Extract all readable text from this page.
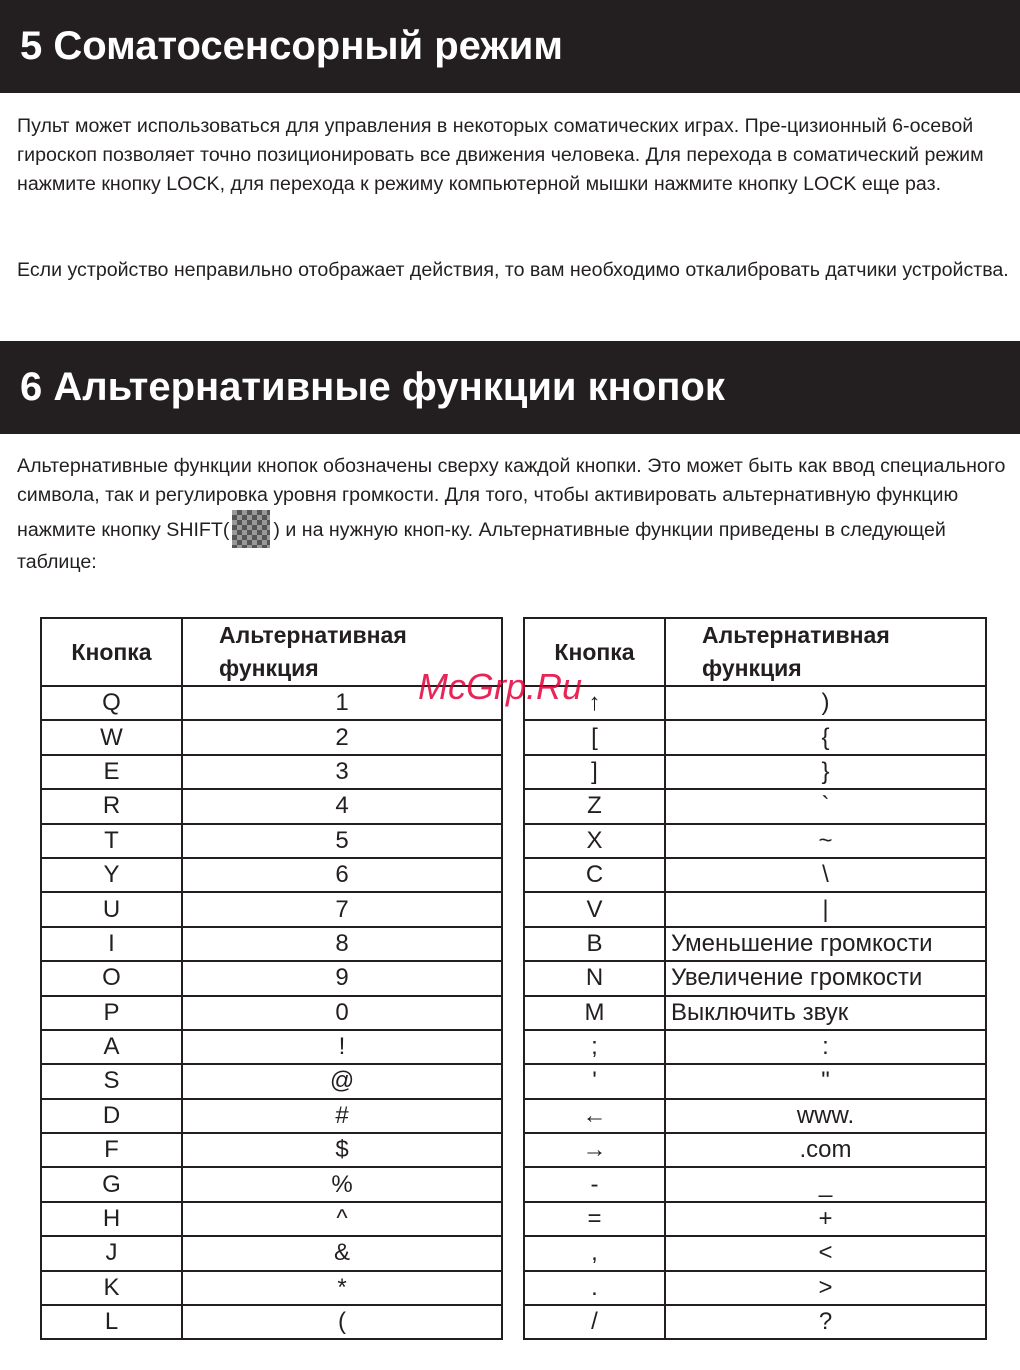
5 Соматосенсорный режим

Пульт может использоваться для управления в некоторых соматических играх. Пре-цизионный 6-осевой гироскоп позволяет точно позиционировать все движения человека. Для перехода в соматический режим нажмите кнопку LOCK, для перехода к режиму компьютерной мышки нажмите кнопку LOCK еще раз.

Если устройство неправильно отображает действия, то вам необходимо откалибровать датчики устройства.

6 Альтернативные функции кнопок

Альтернативные функции кнопок обозначены сверху каждой кнопки. Это может быть как ввод специального символа, так и регулировка уровня громкости. Для того, чтобы активировать альтернативную функцию нажмите кнопку SHIFT( ) и на нужную кноп-ку. Альтернативные функции приведены в следующей таблице:

Кнопка	Альтернативная функция
Q	1
W	2
E	3
R	4
T	5
Y	6
U	7
I	8
O	9
P	0
A	!
S	@
D	#
F	$
G	%
H	^
J	&
K	*
L	(
Кнопка	Альтернативная функция
↑	)
[	{
]	}
Z	`
X	~
C	\
V	|
B	Уменьшение громкости
N	Увеличение громкости
M	Выключить звук
;	:
'	"
←	www.
→	.com
-	_
=	+
,	<
.	>
/	?
McGrp.Ru
